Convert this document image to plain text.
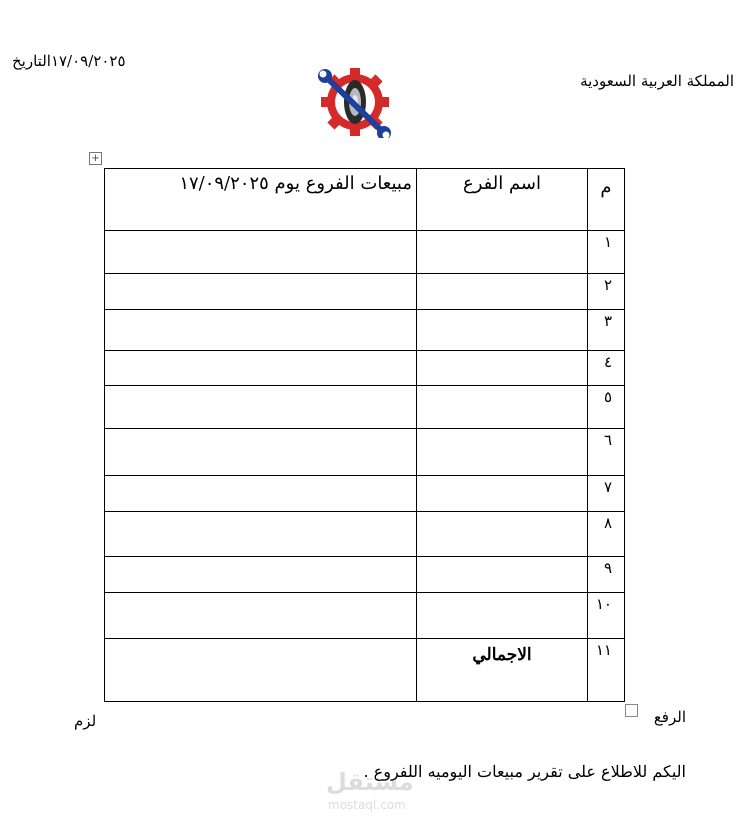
١٧/٠٩/٢٠٢٥التاريخ
المملكة العربية السعودية
+
م	اسم الفرع	مبيعات الفروع يوم ١٧/٠٩/٢٠٢٥
١		
٢		
٣		
٤		
٥		
٦		
٧		
٨		
٩		
١٠		
١١	الاجمالي	
الرفع
لزم
اليكم للاطلاع على تقرير مبيعات اليوميه اللفروع .
مستقل
mostaql.com
